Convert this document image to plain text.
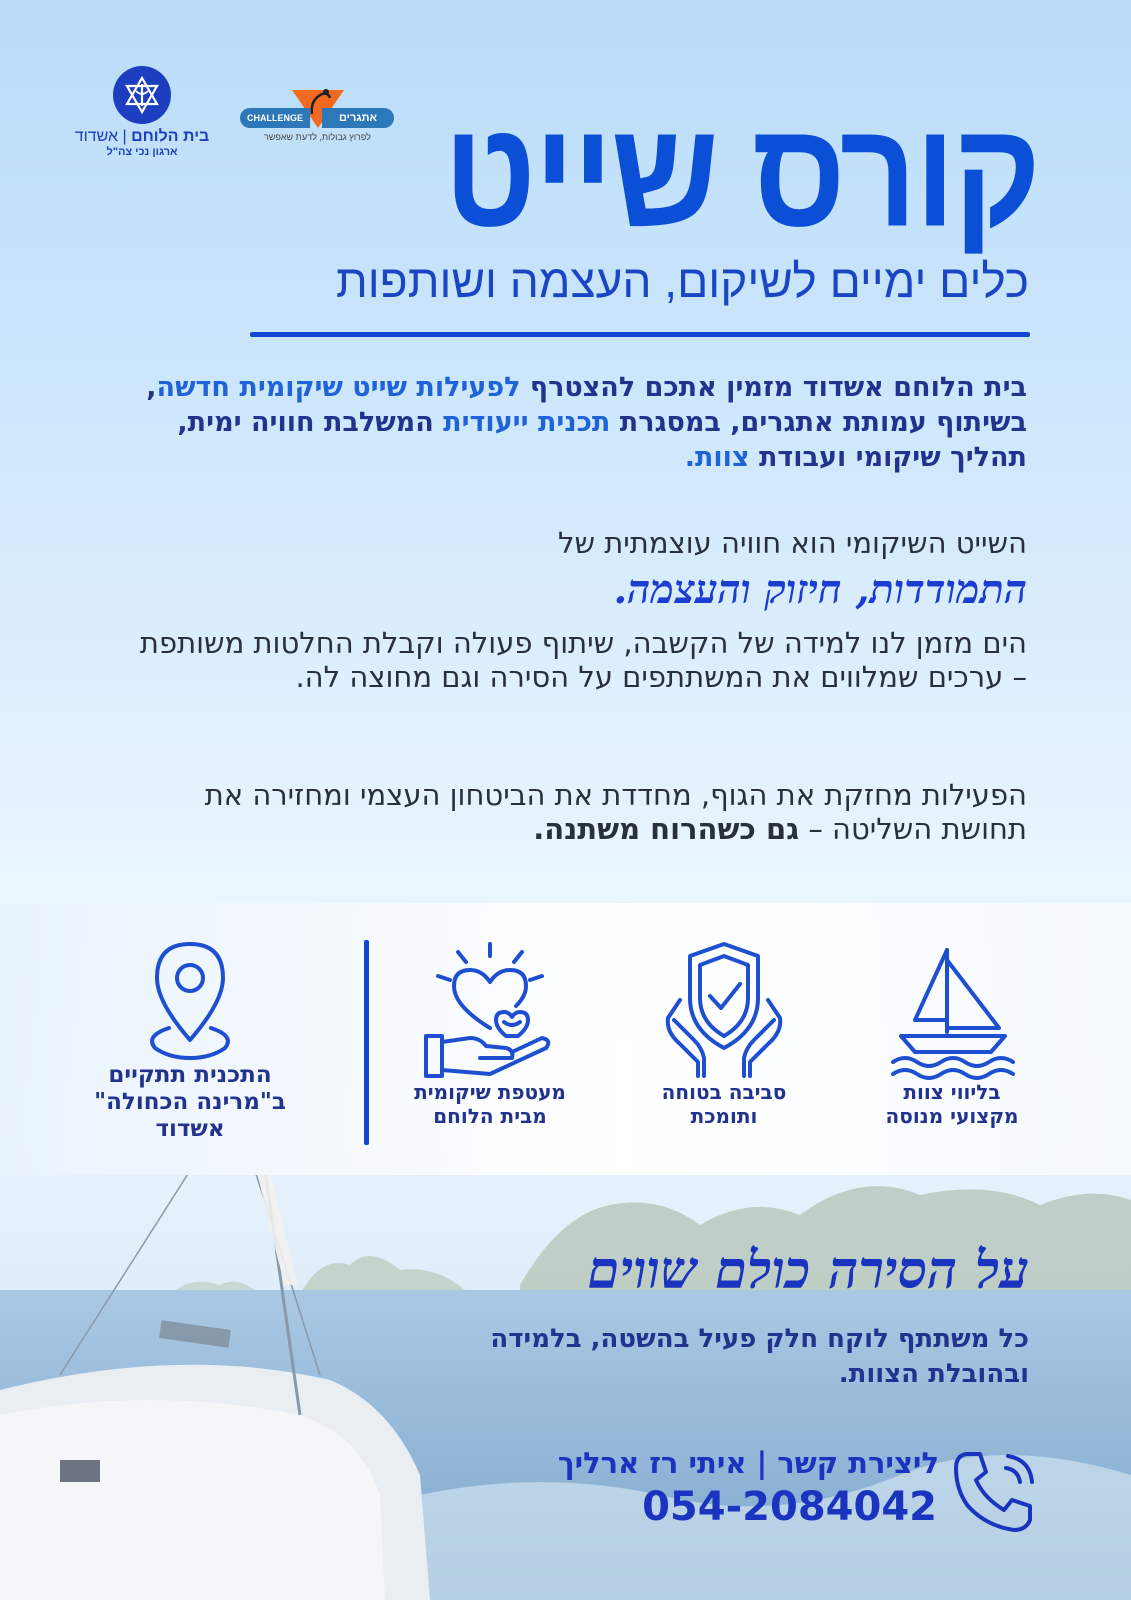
בית הלוחם | אשדוד
ארגון נכי צה"ל
CHALLENGE	אתגרים
לפרוץ גבולות, לדעת שאפשר קורס שייט
כלים ימיים לשיקום, העצמה ושותפות

בית הלוחם אשדוד מזמין אתכם להצטרף לפעילות שייט שיקומית חדשה, בשיתוף עמותת אתגרים, במסגרת תכנית ייעודית המשלבת חוויה ימית, תהליך שיקומי ועבודת צוות.

השייט השיקומי הוא חוויה עוצמתית של

התמודדות, חיזוק והעצמה.

הים מזמן לנו למידה של הקשבה, שיתוף פעולה וקבלת החלטות משותפת – ערכים שמלווים את המשתתפים על הסירה וגם מחוצה לה.

הפעילות מחזקת את הגוף, מחדדת את הביטחון העצמי ומחזירה את תחושת השליטה – גם כשהרוח משתנה.

בליווי צוות
מקצועי מנוסה
סביבה בטוחה
ותומכת
מעטפת שיקומית
מבית הלוחם
התכנית תתקיים
ב"מרינה הכחולה"
אשדוד
על הסירה כולם שווים

כל משתתף לוקח חלק פעיל בהשטה, בלמידה ובהובלת הצוות.

ליצירת קשר | איתי רז ארליך
054-2084042
